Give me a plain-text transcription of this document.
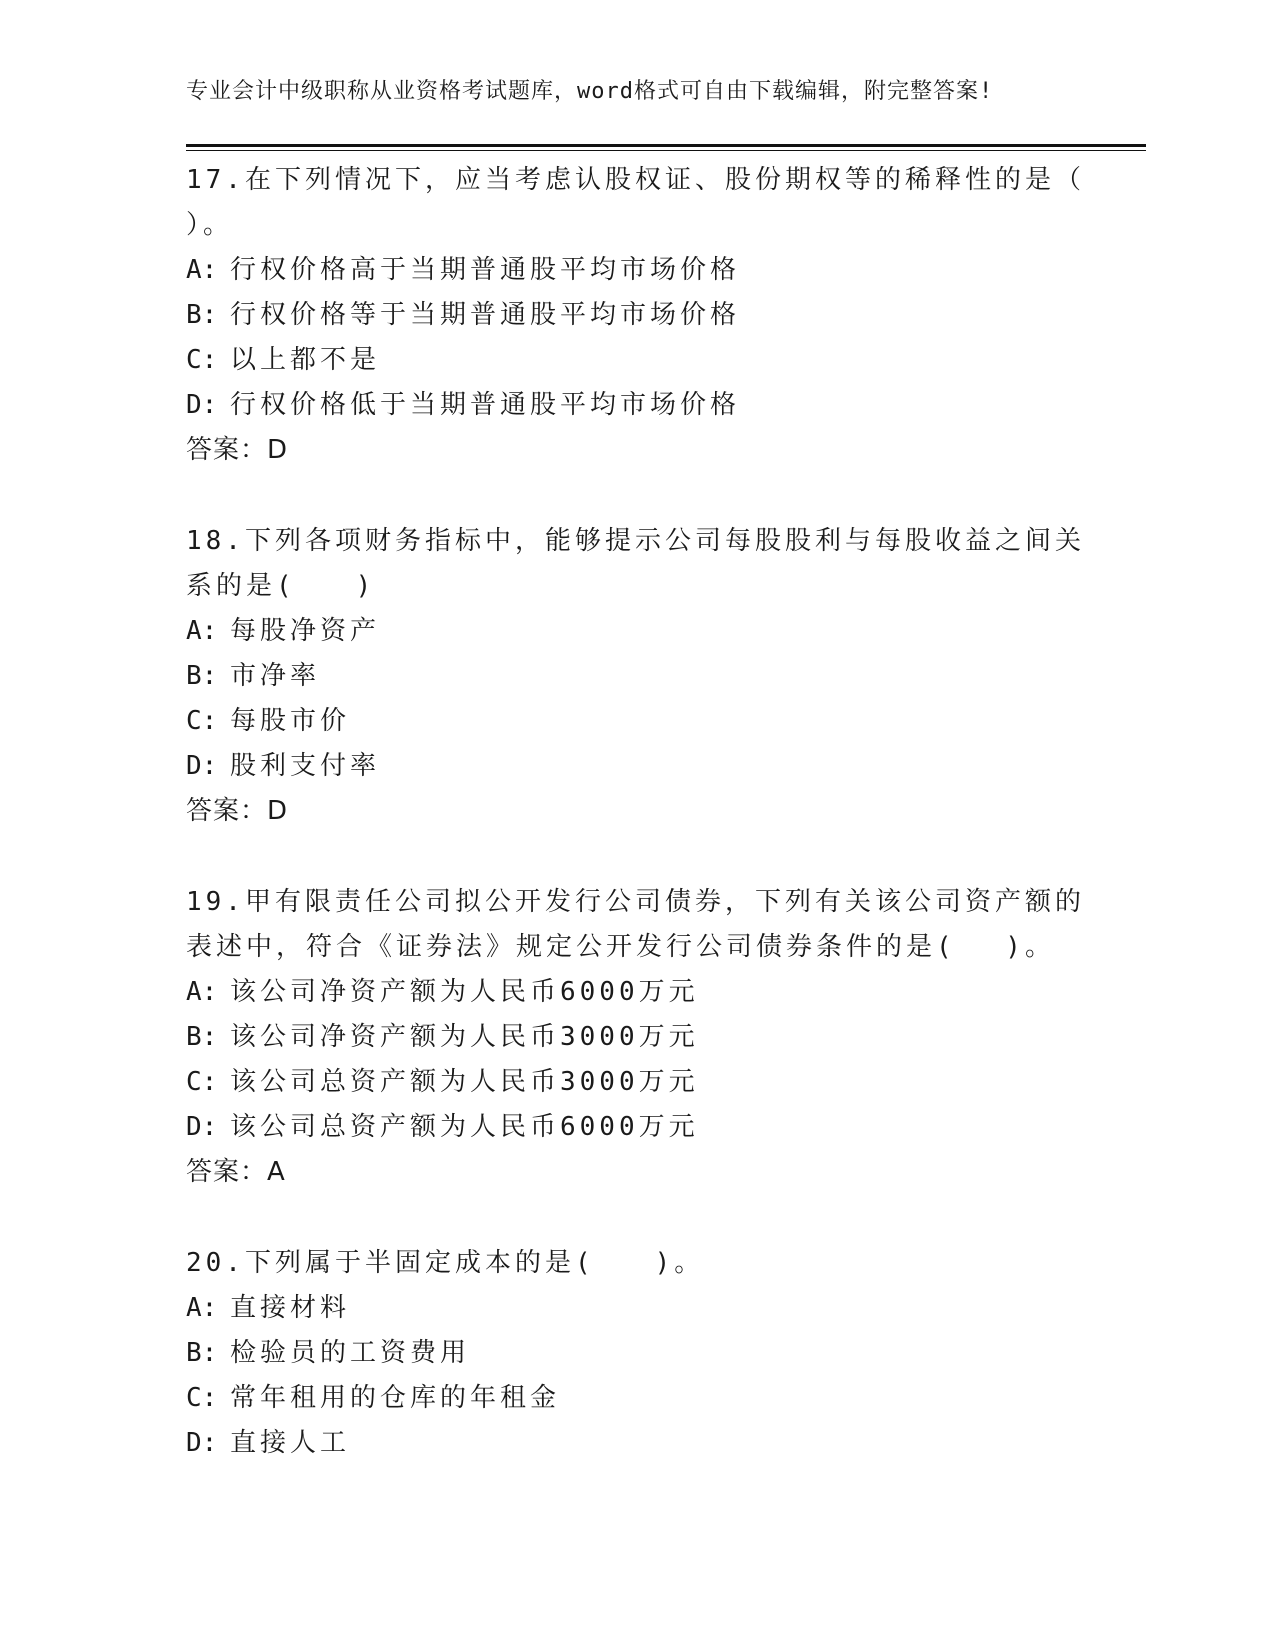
专业会计中级职称从业资格考试题库，word格式可自由下载编辑，附完整答案!

17.在下列情况下，应当考虑认股权证、股份期权等的稀释性的是（ ）。

A: 行权价格高于当期普通股平均市场价格

B: 行权价格等于当期普通股平均市场价格

C: 以上都不是

D: 行权价格低于当期普通股平均市场价格

答案：D

18.下列各项财务指标中，能够提示公司每股股利与每股收益之间关系的是(　　)

A: 每股净资产

B: 市净率

C: 每股市价

D: 股利支付率

答案：D

19.甲有限责任公司拟公开发行公司债券，下列有关该公司资产额的表述中，符合《证券法》规定公开发行公司债券条件的是(　 )。

A: 该公司净资产额为人民币6000万元

B: 该公司净资产额为人民币3000万元

C: 该公司总资产额为人民币3000万元

D: 该公司总资产额为人民币6000万元

答案：A

20.下列属于半固定成本的是(　　)。

A: 直接材料

B: 检验员的工资费用

C: 常年租用的仓库的年租金

D: 直接人工
